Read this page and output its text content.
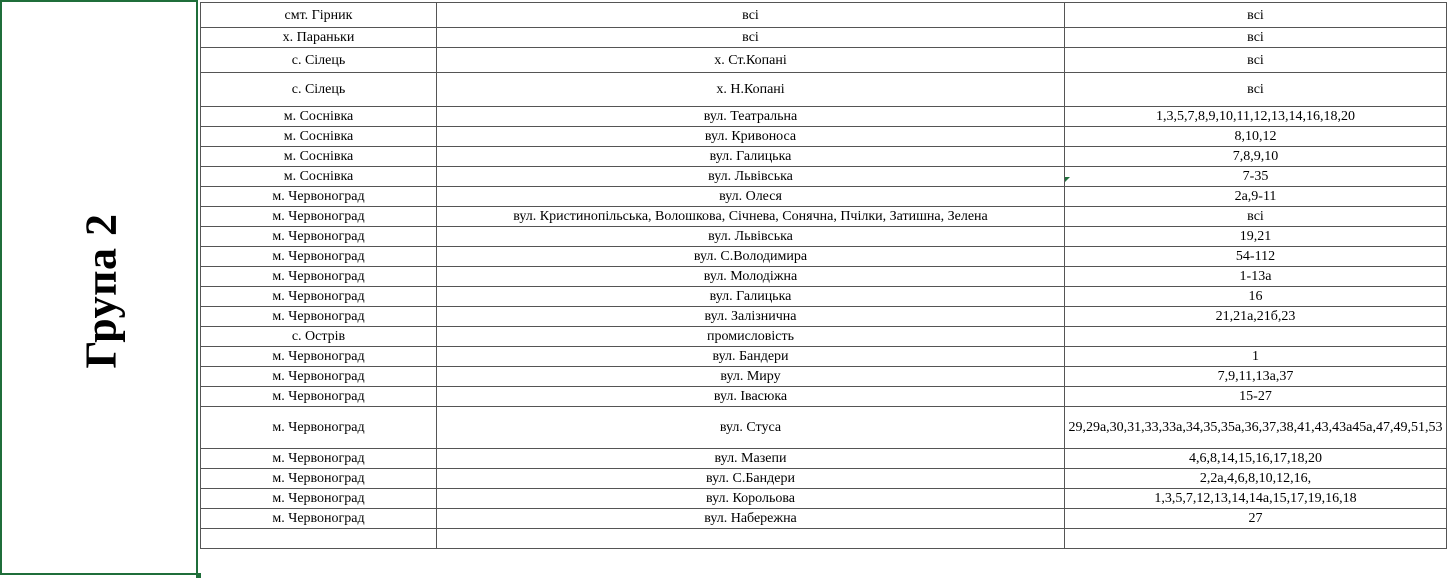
Група 2
смт. Гірник	всі	всі
х. Параньки	всі	всі
с. Сілець	х. Ст.Копані	всі
с. Сілець	х. Н.Копані	всі
м. Соснівка	вул. Театральна	1,3,5,7,8,9,10,11,12,13,14,16,18,20
м. Соснівка	вул. Кривоноса	8,10,12
м. Соснівка	вул. Галицька	7,8,9,10
м. Соснівка	вул. Львівська	7-35
м. Червоноград	вул. Олеся	2а,9-11
м. Червоноград	вул. Кристинопільська, Волошкова, Січнева, Сонячна, Пчілки, Затишна, Зелена	всі
м. Червоноград	вул. Львівська	19,21
м. Червоноград	вул. С.Володимира	54-112
м. Червоноград	вул. Молодіжна	1-13а
м. Червоноград	вул. Галицька	16
м. Червоноград	вул. Залізнична	21,21а,21б,23
с. Острів	промисловість	
м. Червоноград	вул. Бандери	1
м. Червоноград	вул. Миру	7,9,11,13а,37
м. Червоноград	вул. Івасюка	15-27
м. Червоноград	вул. Стуса	29,29а,30,31,33,33а,34,35,35а,36,37,38,41,43,43а45а,47,49,51,53
м. Червоноград	вул. Мазепи	4,6,8,14,15,16,17,18,20
м. Червоноград	вул. С.Бандери	2,2а,4,6,8,10,12,16,
м. Червоноград	вул. Корольова	1,3,5,7,12,13,14,14а,15,17,19,16,18
м. Червоноград	вул. Набережна	27
